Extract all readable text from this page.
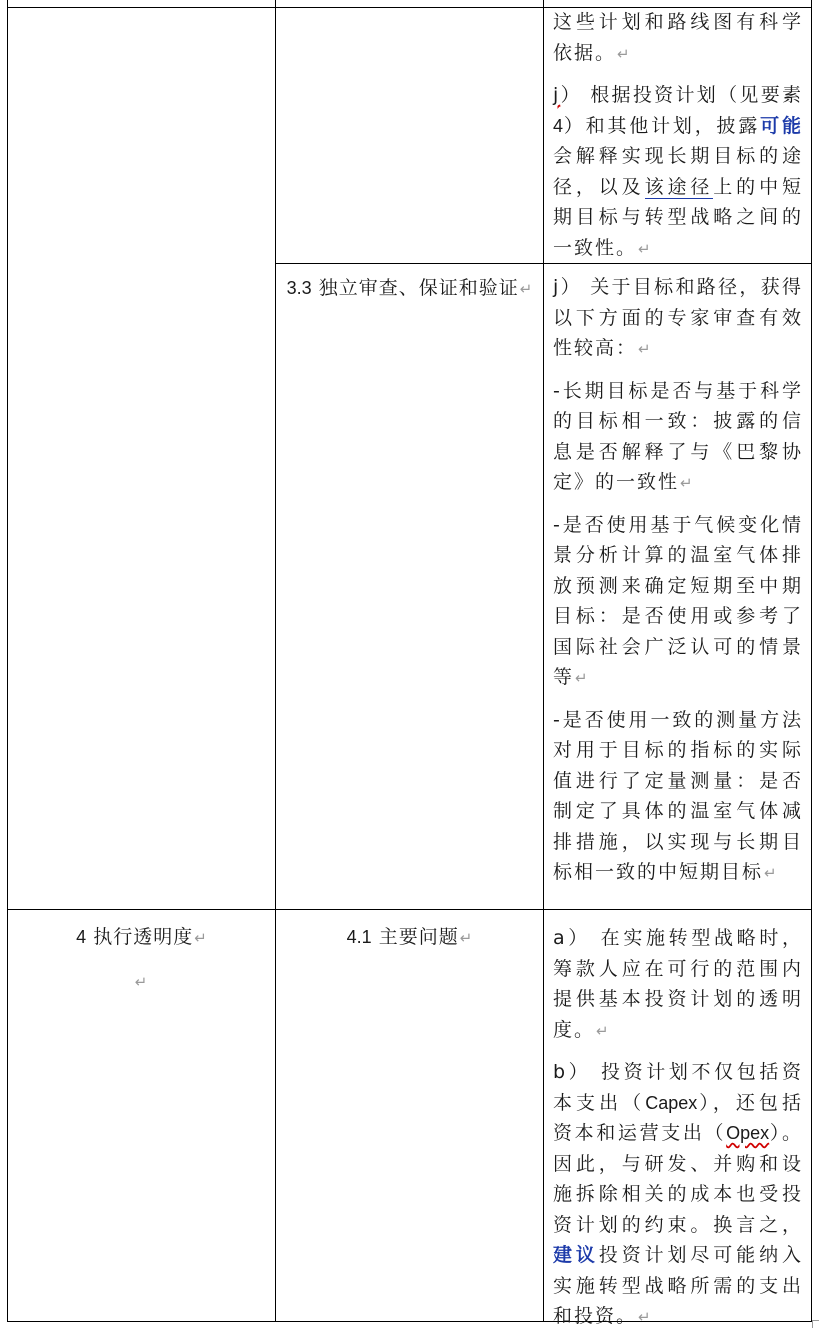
这些计划和路线图有科学依据。↵

j） 根据投资计划（见要素 4）和其他计划，披露可能会解释实现长期目标的途径，以及该途径上的中短期目标与转型战略之间的一致性。↵

3.3 独立审查、保证和验证↵ j） 关于目标和路径，获得以下方面的专家审查有效性较高：↵

-长期目标是否与基于科学的目标相一致：披露的信息是否解释了与《巴黎协定》的一致性↵

-是否使用基于气候变化情景分析计算的温室气体排放预测来确定短期至中期目标：是否使用或参考了国际社会广泛认可的情景等↵

-是否使用一致的测量方法对用于目标的指标的实际值进行了定量测量：是否制定了具体的温室气体减排措施，以实现与长期目标相一致的中短期目标↵

4 执行透明度↵
↵
4.1 主要问题↵	a） 在实施转型战略时，筹款人应在可行的范围内提供基本投资计划的透明度。↵

b） 投资计划不仅包括资本支出（Capex），还包括资本和运营支出（Opex）。因此，与研发、并购和设施拆除相关的成本也受投资计划的约束。换言之，建议投资计划尽可能纳入实施转型战略所需的支出和投资。↵
